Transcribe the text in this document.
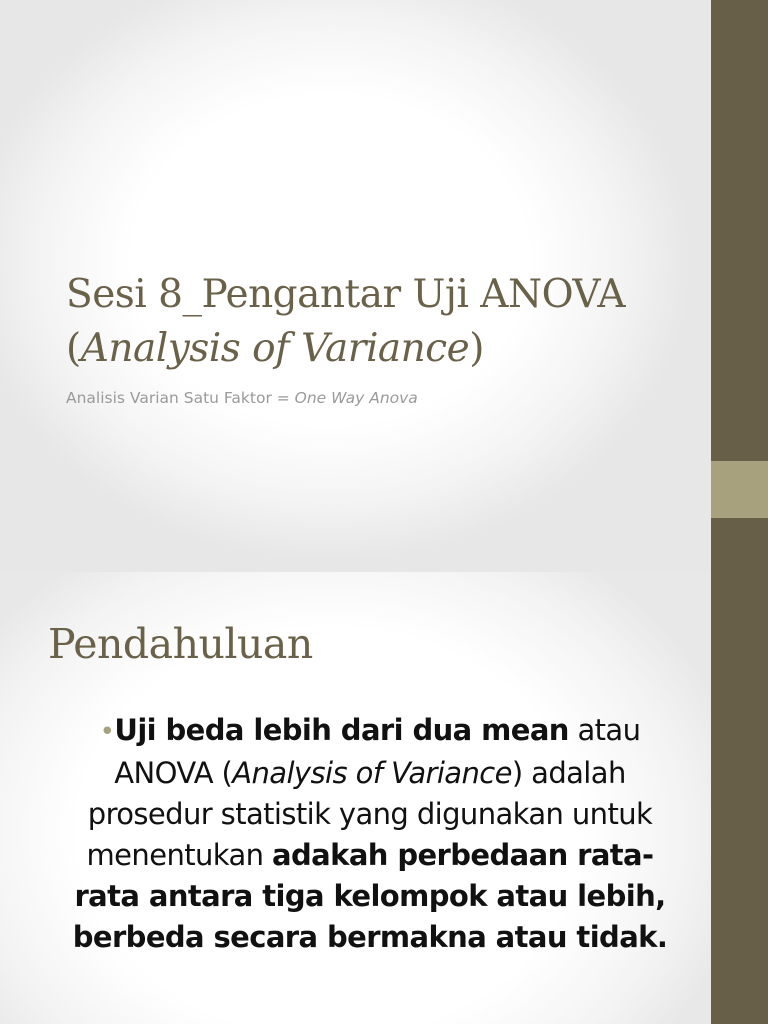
Sesi 8_Pengantar Uji ANOVA
(Analysis of Variance)
Analisis Varian Satu Faktor = One Way Anova
Pendahuluan
•Uji beda lebih dari dua mean atau ANOVA (Analysis of Variance) adalah prosedur statistik yang digunakan untuk menentukan adakah perbedaan rata-rata antara tiga kelompok atau lebih, berbeda secara bermakna atau tidak.
